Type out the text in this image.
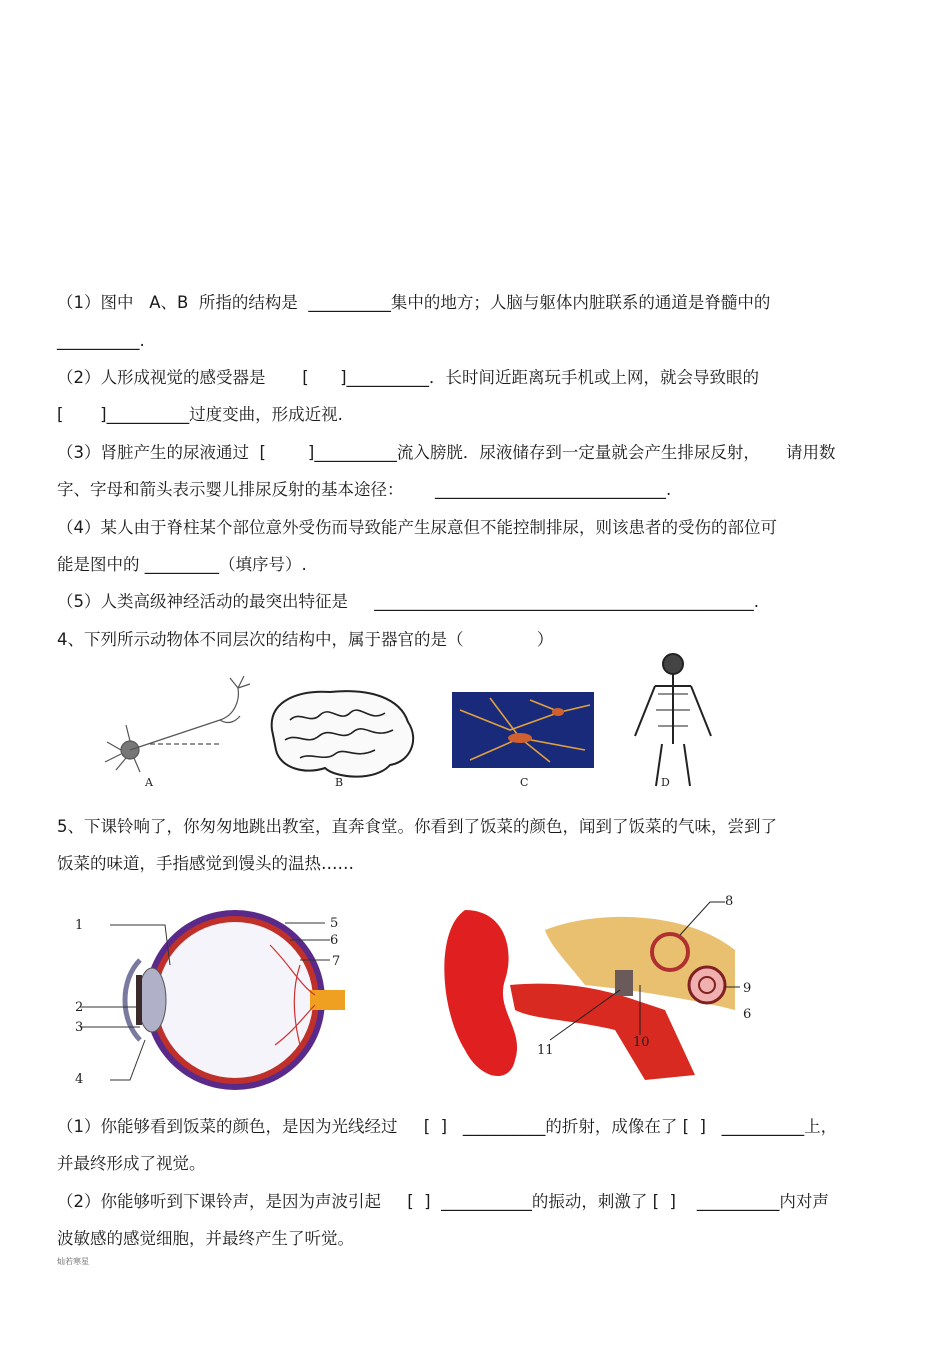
（1）图中   A、B  所指的结构是  __________集中的地方；人脑与躯体内脏联系的通道是脊髓中的
__________.
（2）人形成视觉的感受器是       [      ]__________．长时间近距离玩手机或上网，就会导致眼的
[       ]__________过度变曲，形成近视.
（3）肾脏产生的尿液通过  [        ]__________流入膀胱．尿液储存到一定量就会产生排尿反射，     请用数
字、字母和箭头表示婴儿排尿反射的基本途径：      ____________________________.
（4）某人由于脊柱某个部位意外受伤而导致能产生尿意但不能控制排尿，则该患者的受伤的部位可
能是图中的 _________（填序号）.
（5）人类高级神经活动的最突出特征是     ______________________________________________.
4、下列所示动物体不同层次的结构中，属于器官的是（              ）
A	B	C	D
5、下课铃响了，你匆匆地跳出教室，直奔食堂。你看到了饭菜的颜色，闻到了饭菜的气味，尝到了
饭菜的味道，手指感觉到馒头的温热……
1
2
3
4
5
6
7
8
9
6
10
11
（1）你能够看到饭菜的颜色，是因为光线经过     [  ]   __________的折射，成像在了 [  ]   __________上，
并最终形成了视觉。
（2）你能够听到下课铃声，是因为声波引起     [  ]  ___________的振动，刺激了 [  ]    __________内对声
波敏感的感觉细胞，并最终产生了听觉。
灿若寒星
